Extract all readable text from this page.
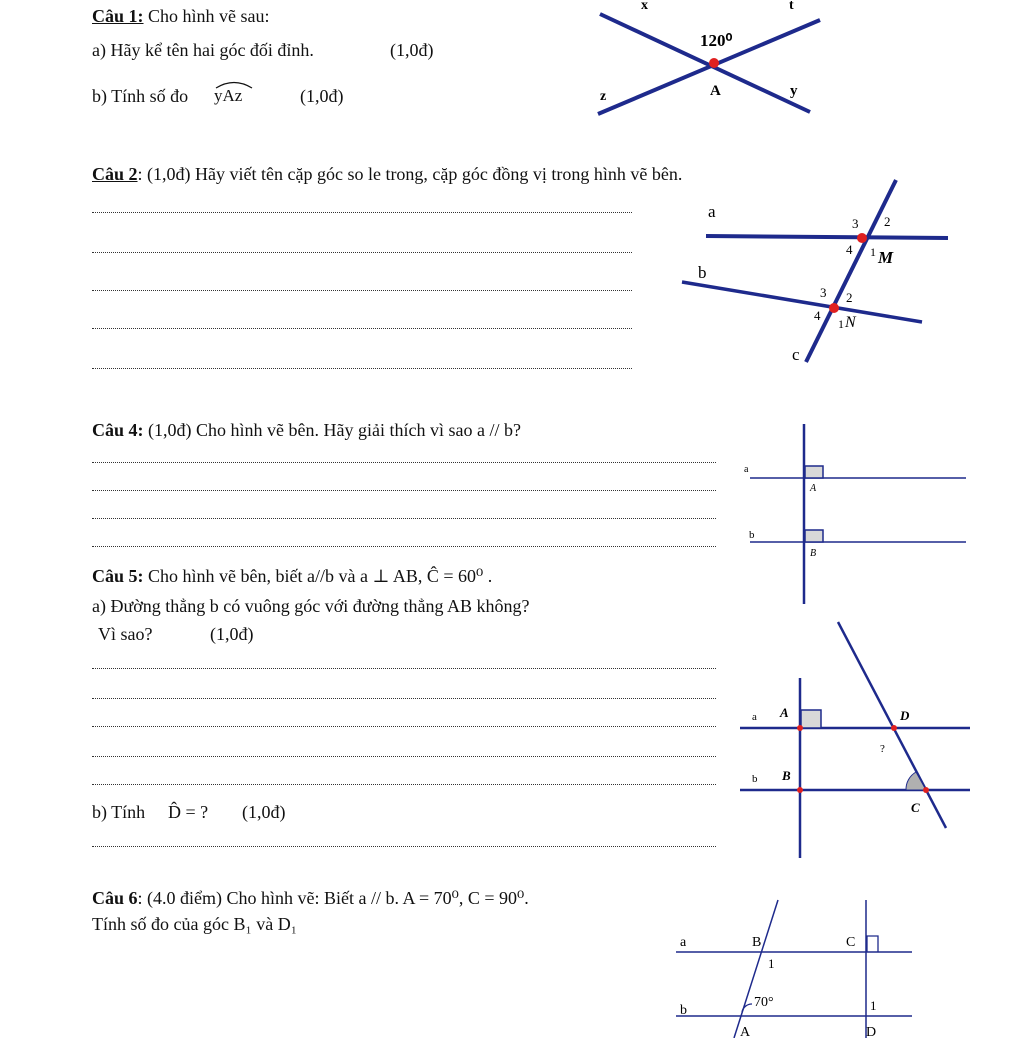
Câu 1: Cho hình vẽ sau:
a) Hãy kể tên hai góc đối đỉnh.	(1,0đ)
b) Tính số đo yAz	(1,0đ)
x	t
120⁰
z	A	y
Câu 2: (1,0đ) Hãy viết tên cặp góc so le trong, cặp góc đồng vị trong hình vẽ bên.
a
b
c
3 2
4 1 M
3 2
4
1 N
Câu 4: (1,0đ) Cho hình vẽ bên. Hãy giải thích vì sao a // b?
a
b
A
B
Câu 5: Cho hình vẽ bên, biết a//b và a ⊥ AB, Ĉ = 60⁰ .
a) Đường thẳng b có vuông góc với đường thẳng AB không?
Vì sao?	(1,0đ)
b) Tính D̂ = ? (1,0đ)
a
b
A
B
D
C
?
Câu 6: (4.0 điểm) Cho hình vẽ: Biết a // b. A = 70⁰, C = 90⁰.
Tính số đo của góc B₁ và D₁
a
b
B	C
A	D
1
1
70°
